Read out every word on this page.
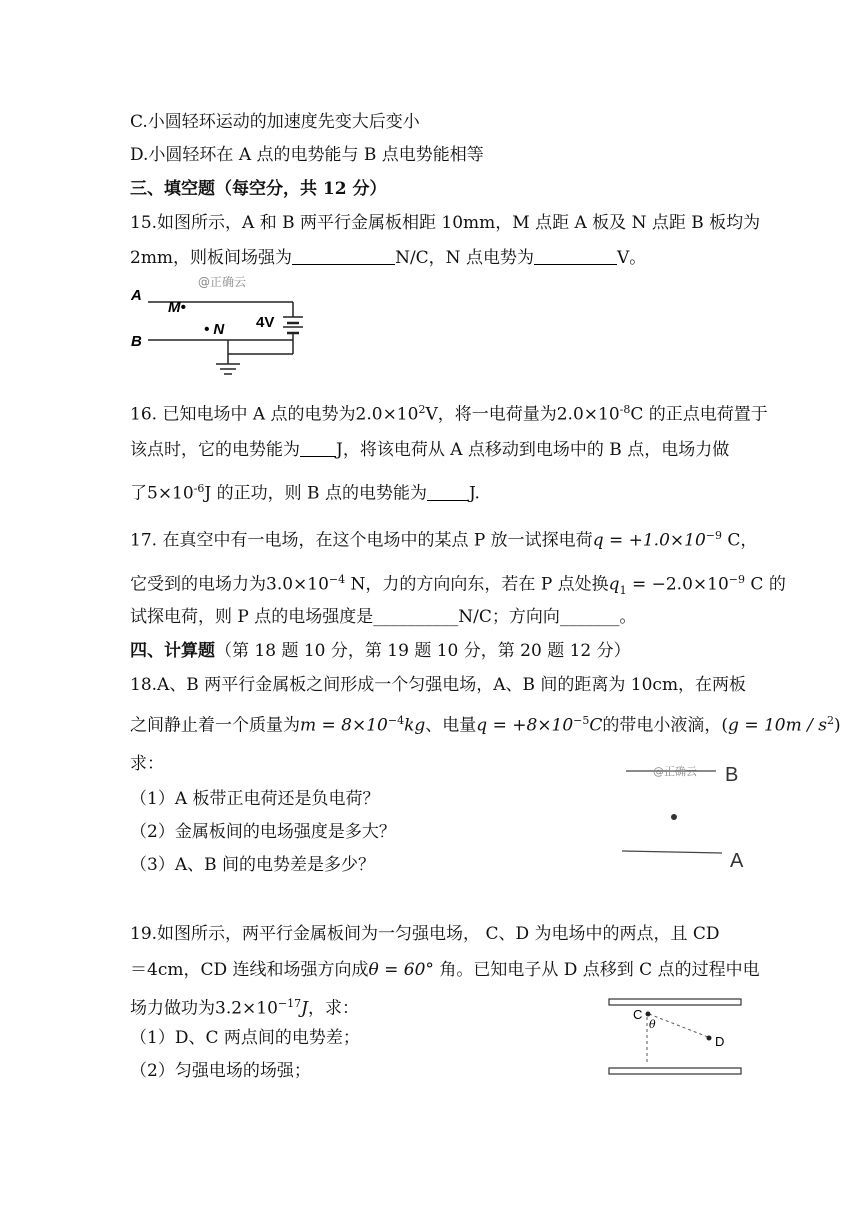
C.小圆轻环运动的加速度先变大后变小
D.小圆轻环在 A 点的电势能与 B 点电势能相等
三、填空题（每空分，共 12 分）
15.如图所示，A 和 B 两平行金属板相距 10mm，M 点距 A 板及 N 点距 B 板均为
2mm，则板间场强为	N/C，N 点电势为	V。
A
M•
@正确云
4V
B
• N
16. 已知电场中 A 点的电势为$2.0\times 10^2V$，将一电荷量为$2.0\times 10^{-8}C$ 的正点电荷置于
该点时，它的电势能为 J，将该电荷从 A 点移动到电场中的 B 点，电场力做
了$5\times 10^{-6}J$ 的正功，则 B 点的电势能为 J.
17. 在真空中有一电场，在这个电场中的某点 P 放一试探电荷$q = +1.0\times 10^{-9}$ C，
它受到的电场力为$3.0\times 10^{-4}$ N，力的方向向东，若在 P 点处换$q_1 = -2.0\times 10^{-9}$ C 的
试探电荷，则 P 点的电场强度是__________N/C；方向向_______。
四、计算题（第 18 题 10 分，第 19 题 10 分，第 20 题 12 分）
18.A、B 两平行金属板之间形成一个匀强电场，A、B 间的距离为 10cm，在两板
之间静止着一个质量为$m = 8\times 10^{-4}kg$、电量$q = +8\times 10^{-5}C$的带电小液滴，$(g = 10m / s^2)$
求：
（1）A 板带正电荷还是负电荷？
（2）金属板间的电场强度是多大？
（3）A、B 间的电势差是多少？
@正确云 B
A
19.如图所示，两平行金属板间为一匀强电场， C、D 为电场中的两点，且 CD
＝4cm，CD 连线和场强方向成θ = 60° 角。已知电子从 D 点移到 C 点的过程中电
场力做功为$3.2\times 10^{-17}J$，求：
（1）D、C 两点间的电势差；
（2）匀强电场的场强；
C
θ
D
